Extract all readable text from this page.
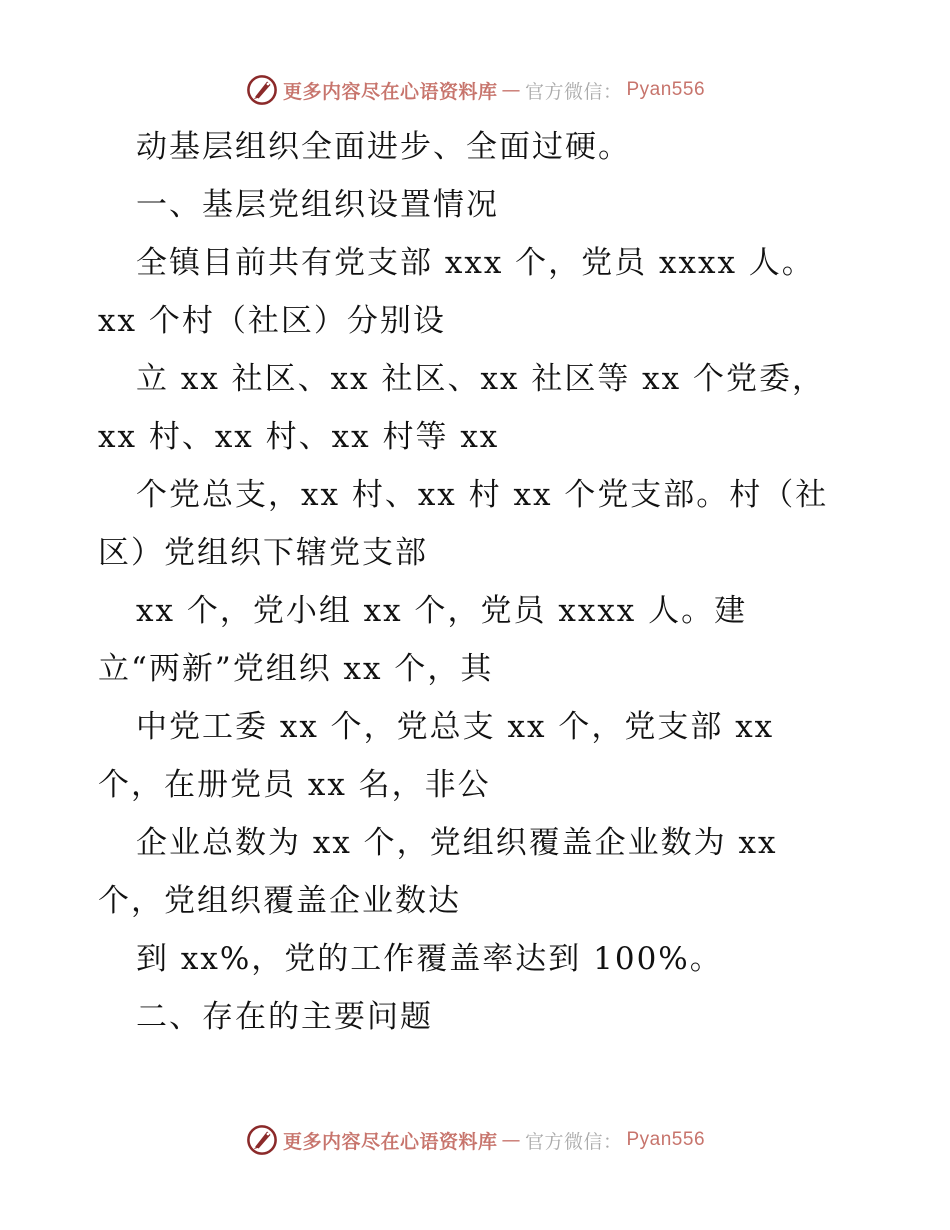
更多内容尽在心语资料库 — 官方微信： Pyan556
动基层组织全面进步、全面过硬。
一、基层党组织设置情况
全镇目前共有党支部 xxx 个，党员 xxxx 人。
xx 个村（社区）分别设
立 xx 社区、xx 社区、xx 社区等 xx 个党委，
xx 村、xx 村、xx 村等 xx
个党总支，xx 村、xx 村 xx 个党支部。村（社
区）党组织下辖党支部
xx 个，党小组 xx 个，党员 xxxx 人。建
立“两新”党组织 xx 个，其
中党工委 xx 个，党总支 xx 个，党支部 xx
个，在册党员 xx 名，非公
企业总数为 xx 个，党组织覆盖企业数为 xx
个，党组织覆盖企业数达
到 xx%，党的工作覆盖率达到 100%。
二、存在的主要问题
更多内容尽在心语资料库 — 官方微信： Pyan556
